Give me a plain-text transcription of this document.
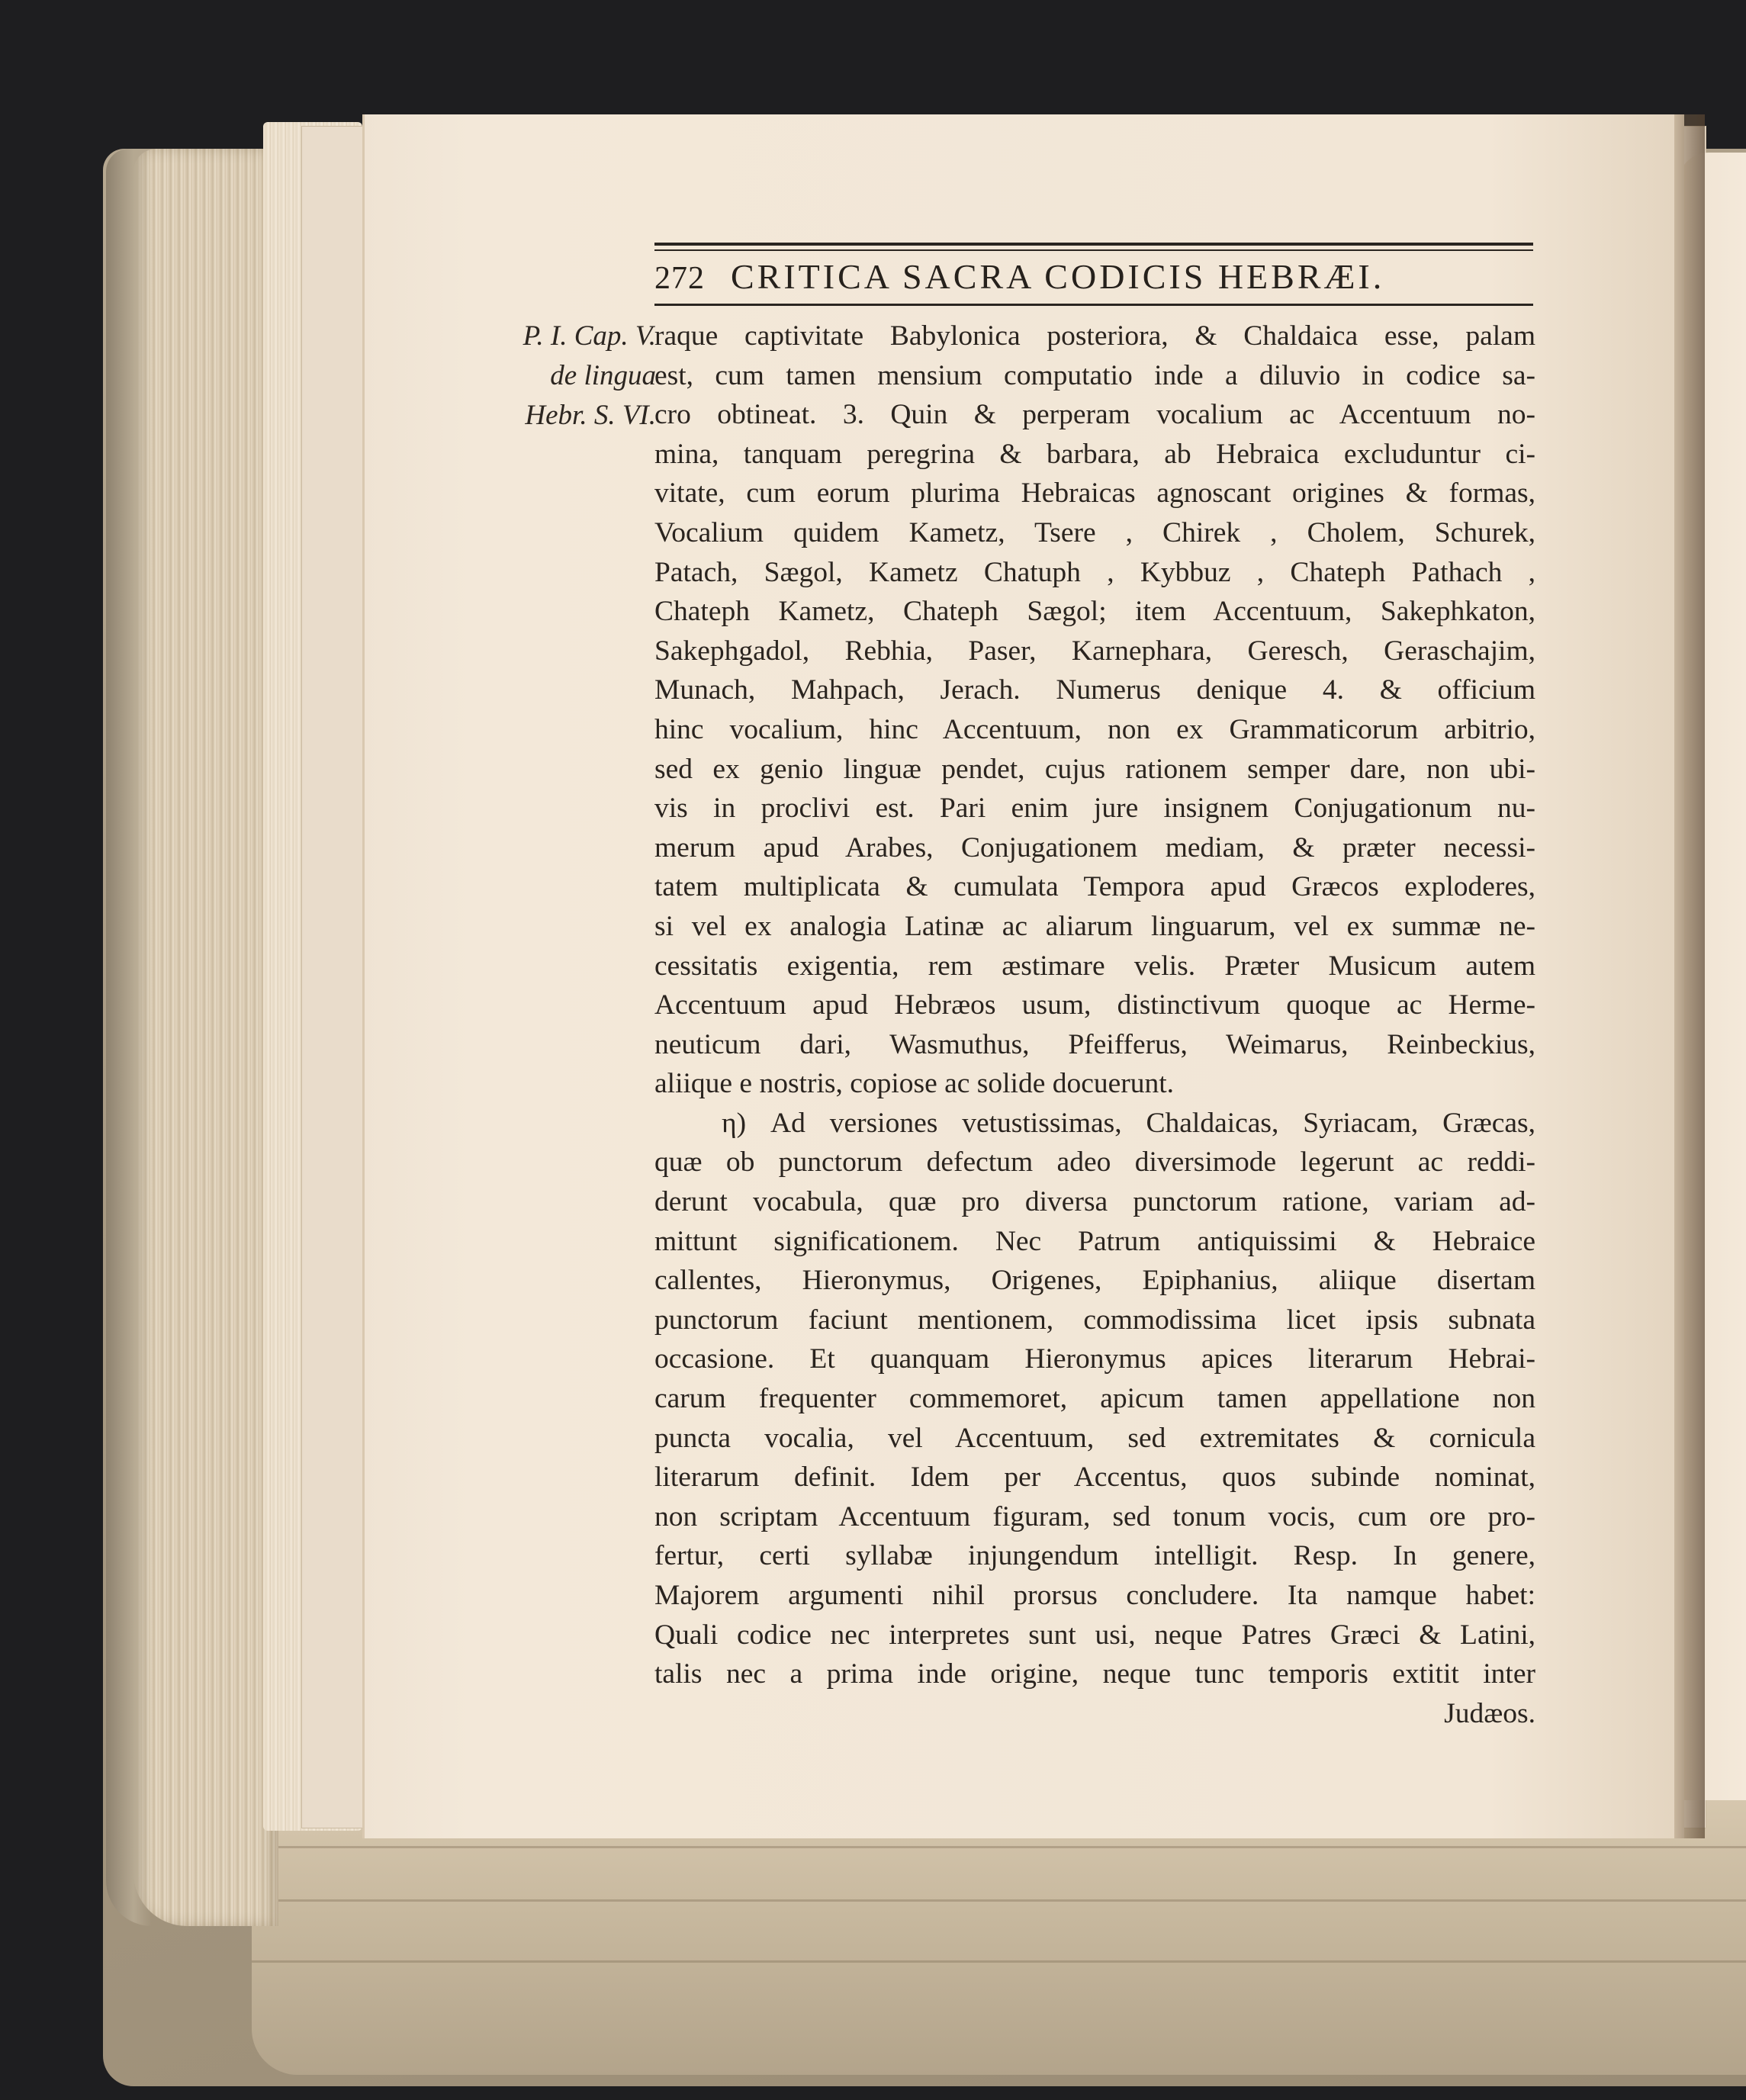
272 CRITICA SACRA CODICIS HEBRÆI.
P. I. Cap. V.
de lingua
Hebr. S. VI.
raque captivitate Babylonica posteriora, & Chaldaica esse, palam
est, cum tamen mensium computatio inde a diluvio in codice sa-
cro obtineat. 3. Quin & perperam vocalium ac Accentuum no-
mina, tanquam peregrina & barbara, ab Hebraica excluduntur ci-
vitate, cum eorum plurima Hebraicas agnoscant origines & formas,
Vocalium quidem Kametz, Tsere , Chirek , Cholem, Schurek,
Patach, Sægol, Kametz Chatuph , Kybbuz , Chateph Pathach ,
Chateph Kametz, Chateph Sægol; item Accentuum, Sakephkaton,
Sakephgadol, Rebhia, Paser, Karnephara, Geresch, Geraschajim,
Munach, Mahpach, Jerach. Numerus denique 4. & officium
hinc vocalium, hinc Accentuum, non ex Grammaticorum arbitrio,
sed ex genio linguæ pendet, cujus rationem semper dare, non ubi-
vis in proclivi est. Pari enim jure insignem Conjugationum nu-
merum apud Arabes, Conjugationem mediam, & præter necessi-
tatem multiplicata & cumulata Tempora apud Græcos exploderes,
si vel ex analogia Latinæ ac aliarum linguarum, vel ex summæ ne-
cessitatis exigentia, rem æstimare velis. Præter Musicum autem
Accentuum apud Hebræos usum, distinctivum quoque ac Herme-
neuticum dari, Wasmuthus, Pfeifferus, Weimarus, Reinbeckius,
aliique e nostris, copiose ac solide docuerunt.
η) Ad versiones vetustissimas, Chaldaicas, Syriacam, Græcas,
quæ ob punctorum defectum adeo diversimode legerunt ac reddi-
derunt vocabula, quæ pro diversa punctorum ratione, variam ad-
mittunt significationem. Nec Patrum antiquissimi & Hebraice
callentes, Hieronymus, Origenes, Epiphanius, aliique disertam
punctorum faciunt mentionem, commodissima licet ipsis subnata
occasione. Et quanquam Hieronymus apices literarum Hebrai-
carum frequenter commemoret, apicum tamen appellatione non
puncta vocalia, vel Accentuum, sed extremitates & cornicula
literarum definit. Idem per Accentus, quos subinde nominat,
non scriptam Accentuum figuram, sed tonum vocis, cum ore pro-
fertur, certi syllabæ injungendum intelligit. Resp. In genere,
Majorem argumenti nihil prorsus concludere. Ita namque habet:
Quali codice nec interpretes sunt usi, neque Patres Græci & Latini,
talis nec a prima inde origine, neque tunc temporis extitit inter
Judæos.
